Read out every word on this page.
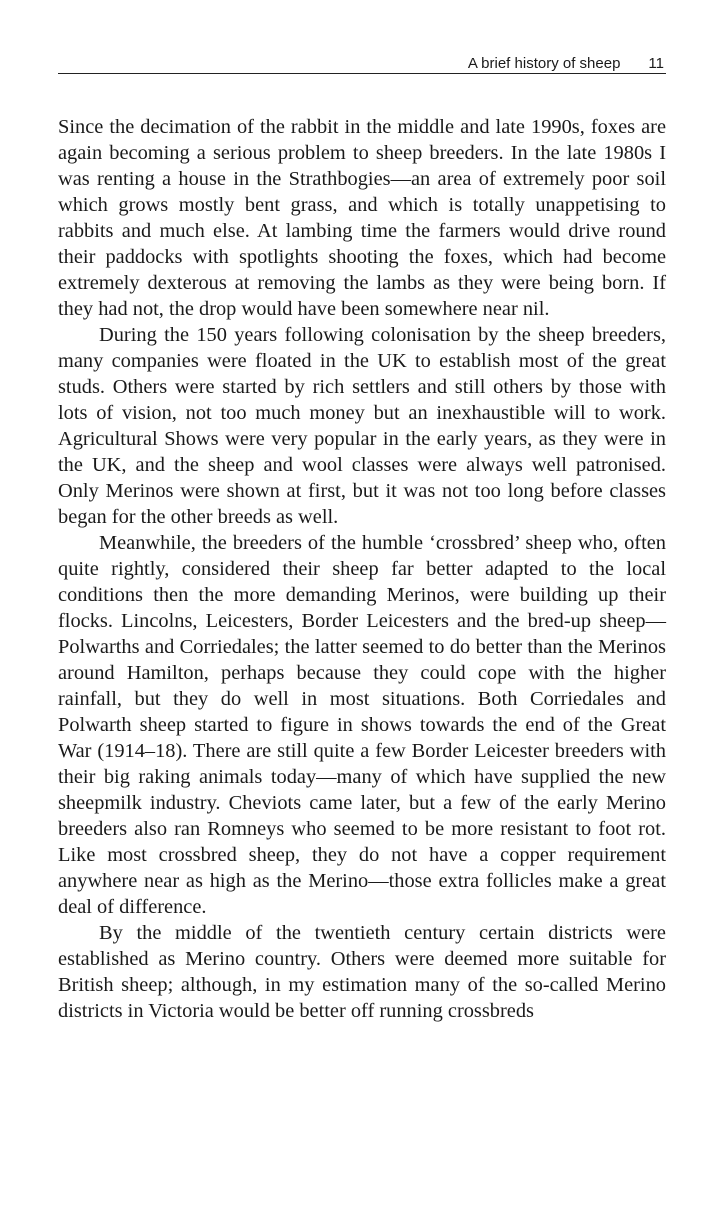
A brief history of sheep 11

Since the decimation of the rabbit in the middle and late 1990s, foxes are again becoming a serious problem to sheep breeders. In the late 1980s I was renting a house in the Strathbogies—an area of extremely poor soil which grows mostly bent grass, and which is totally unappetising to rabbits and much else. At lambing time the farmers would drive round their paddocks with spotlights shooting the foxes, which had become extremely dexterous at removing the lambs as they were being born. If they had not, the drop would have been somewhere near nil.

During the 150 years following colonisation by the sheep breeders, many companies were floated in the UK to establish most of the great studs. Others were started by rich settlers and still others by those with lots of vision, not too much money but an inexhaustible will to work. Agricultural Shows were very popular in the early years, as they were in the UK, and the sheep and wool classes were always well patronised. Only Merinos were shown at first, but it was not too long before classes began for the other breeds as well.

Meanwhile, the breeders of the humble ‘crossbred’ sheep who, often quite rightly, considered their sheep far better adapted to the local conditions then the more demanding Merinos, were building up their flocks. Lincolns, Leicesters, Border Leicesters and the bred-up sheep—Polwarths and Corriedales; the latter seemed to do better than the Merinos around Hamilton, perhaps because they could cope with the higher rainfall, but they do well in most situations. Both Corriedales and Polwarth sheep started to figure in shows towards the end of the Great War (1914–18). There are still quite a few Border Leicester breeders with their big raking animals today—many of which have supplied the new sheepmilk industry. Cheviots came later, but a few of the early Merino breeders also ran Romneys who seemed to be more resistant to foot rot. Like most crossbred sheep, they do not have a copper requirement anywhere near as high as the Merino—those extra follicles make a great deal of difference.

By the middle of the twentieth century certain districts were established as Merino country. Others were deemed more suitable for British sheep; although, in my estimation many of the so-called Merino districts in Victoria would be better off running crossbreds
